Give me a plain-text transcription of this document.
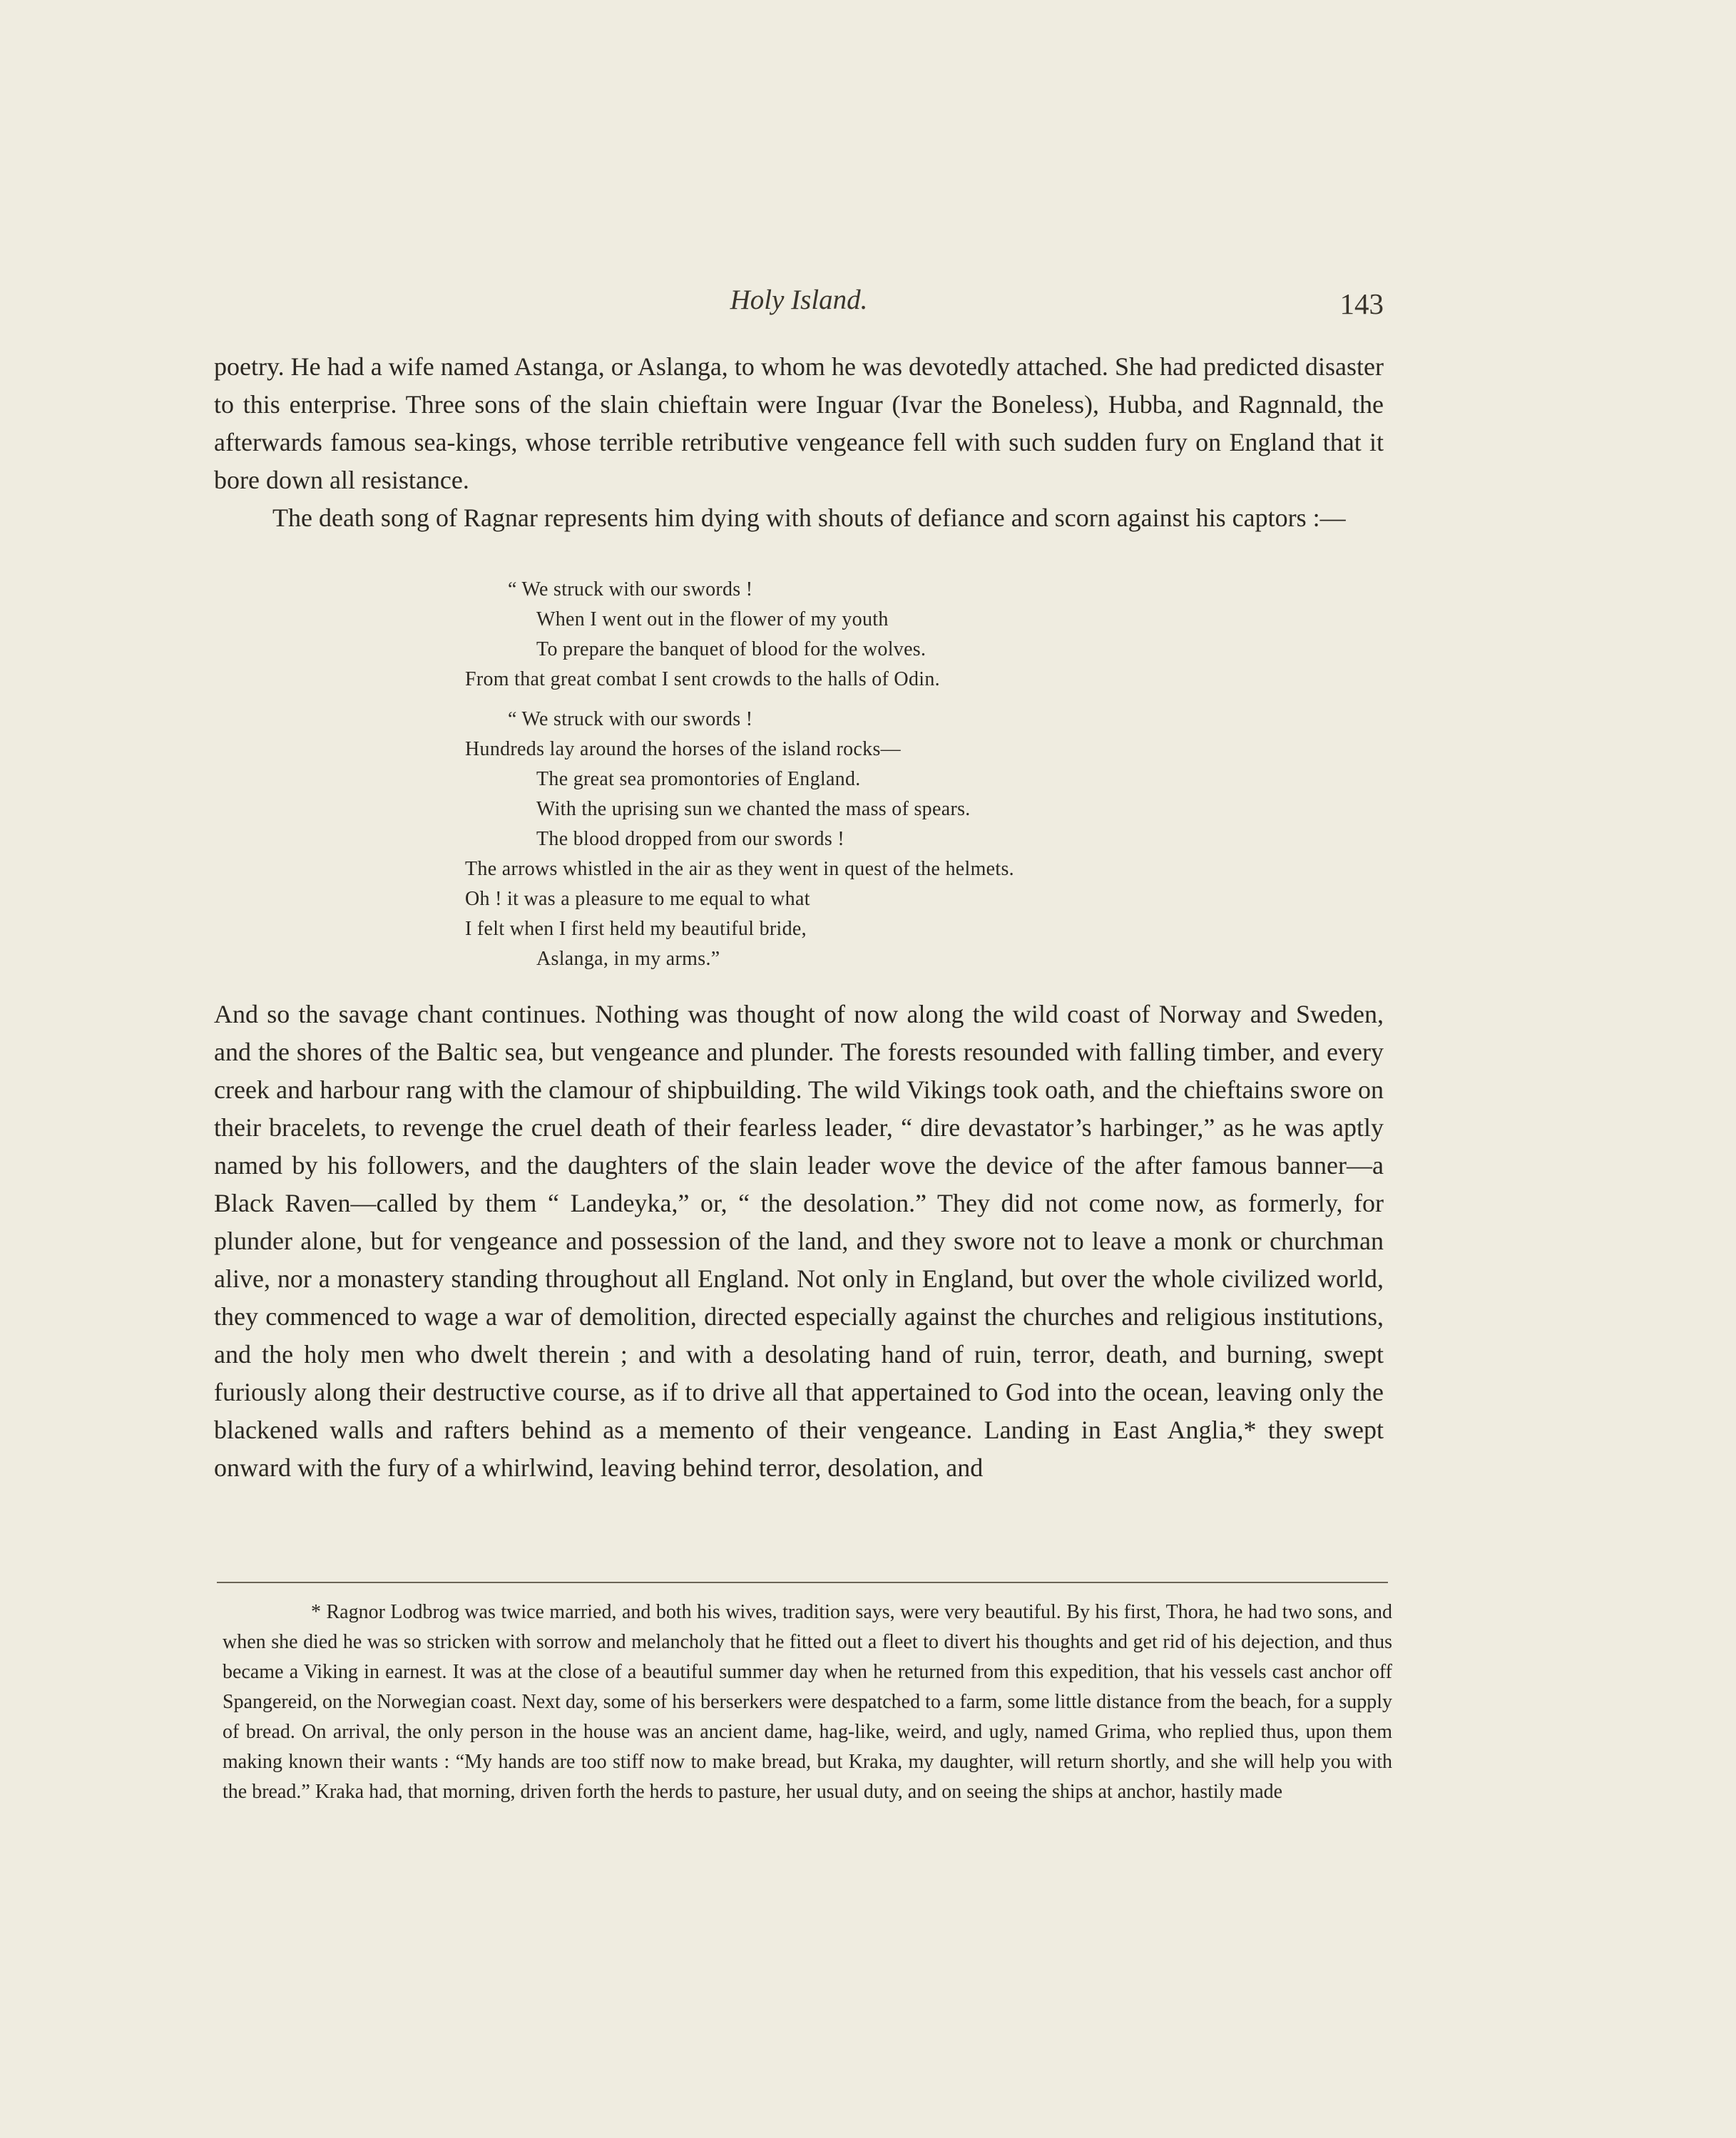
Holy Island.	143

poetry. He had a wife named Astanga, or Aslanga, to whom he was devotedly attached. She had predicted disaster to this enterprise. Three sons of the slain chieftain were Inguar (Ivar the Boneless), Hubba, and Ragnnald, the afterwards famous sea-kings, whose terrible retributive vengeance fell with such sudden fury on England that it bore down all resistance.

The death song of Ragnar represents him dying with shouts of defiance and scorn against his captors :—

“ We struck with our swords !
When I went out in the flower of my youth
To prepare the banquet of blood for the wolves.
From that great combat I sent crowds to the halls of Odin.
“ We struck with our swords !
Hundreds lay around the horses of the island rocks—
The great sea promontories of England.
With the uprising sun we chanted the mass of spears.
The blood dropped from our swords !
The arrows whistled in the air as they went in quest of the helmets.
Oh ! it was a pleasure to me equal to what
I felt when I first held my beautiful bride,
Aslanga, in my arms.”

And so the savage chant continues. Nothing was thought of now along the wild coast of Norway and Sweden, and the shores of the Baltic sea, but vengeance and plunder. The forests resounded with falling timber, and every creek and harbour rang with the clamour of shipbuilding. The wild Vikings took oath, and the chieftains swore on their bracelets, to revenge the cruel death of their fearless leader, “ dire devastator’s harbinger,” as he was aptly named by his followers, and the daughters of the slain leader wove the device of the after famous banner—a Black Raven—called by them “ Landeyka,” or, “ the desolation.” They did not come now, as formerly, for plunder alone, but for vengeance and possession of the land, and they swore not to leave a monk or churchman alive, nor a monastery standing throughout all England. Not only in England, but over the whole civilized world, they commenced to wage a war of demolition, directed especially against the churches and religious institutions, and the holy men who dwelt therein ; and with a desolating hand of ruin, terror, death, and burning, swept furiously along their destructive course, as if to drive all that appertained to God into the ocean, leaving only the blackened walls and rafters behind as a memento of their vengeance. Landing in East Anglia,* they swept onward with the fury of a whirlwind, leaving behind terror, desolation, and

* Ragnor Lodbrog was twice married, and both his wives, tradition says, were very beautiful. By his first, Thora, he had two sons, and when she died he was so stricken with sorrow and melancholy that he fitted out a fleet to divert his thoughts and get rid of his dejection, and thus became a Viking in earnest. It was at the close of a beautiful summer day when he returned from this expedition, that his vessels cast anchor off Spangereid, on the Norwegian coast. Next day, some of his berserkers were despatched to a farm, some little distance from the beach, for a supply of bread. On arrival, the only person in the house was an ancient dame, hag-like, weird, and ugly, named Grima, who replied thus, upon them making known their wants : “My hands are too stiff now to make bread, but Kraka, my daughter, will return shortly, and she will help you with the bread.” Kraka had, that morning, driven forth the herds to pasture, her usual duty, and on seeing the ships at anchor, hastily made
